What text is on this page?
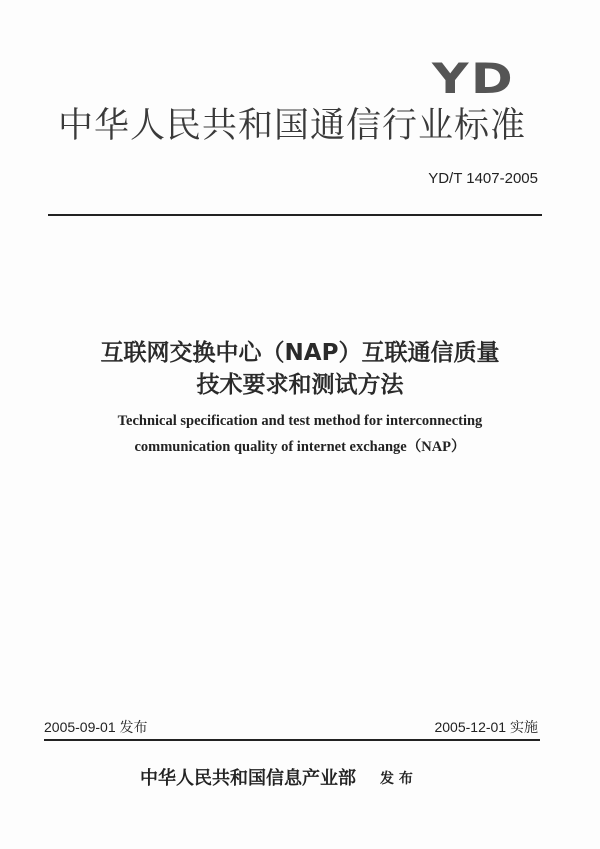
YD
中华人民共和国通信行业标准
YD/T 1407-2005
互联网交换中心（NAP）互联通信质量
技术要求和测试方法
Technical specification and test method for interconnecting
communication quality of internet exchange（NAP）
2005-09-01 发布	2005-12-01 实施
中华人民共和国信息产业部 发 布
